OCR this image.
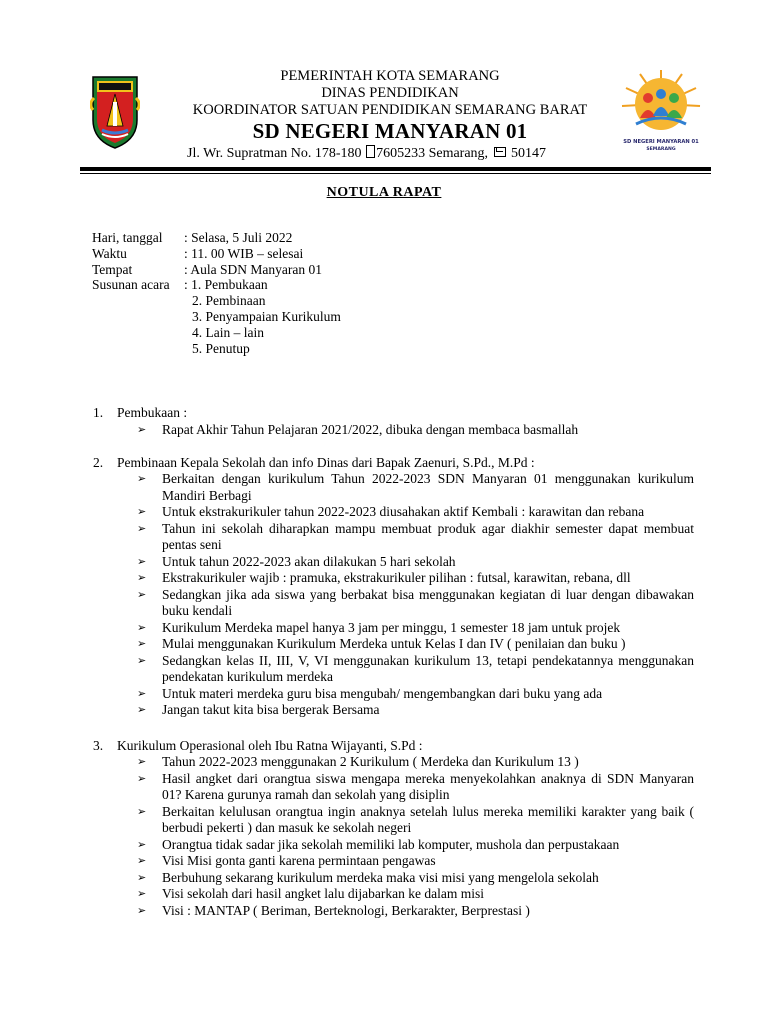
PEMERINTAH KOTA SEMARANG
DINAS PENDIDIKAN
KOORDINATOR SATUAN PENDIDIKAN SEMARANG BARAT
SD NEGERI MANYARAN 01
Jl. Wr. Supratman No. 178-180 7605233 Semarang, 50147
SD NEGERI MANYARAN 01
SEMARANG
NOTULA RAPAT
Hari, tanggal	: Selasa, 5 Juli 2022
Waktu	: 11. 00 WIB – selesai
Tempat	: Aula SDN Manyaran 01
Susunan acara	: 1. Pembukaan
2. Pembinaan
3. Penyampaian Kurikulum
4. Lain – lain
5. Penutup
1. Pembukaan :
➢ Rapat Akhir Tahun Pelajaran 2021/2022, dibuka dengan membaca basmallah
2. Pembinaan Kepala Sekolah dan info Dinas dari Bapak Zaenuri, S.Pd., M.Pd :
➢ Berkaitan dengan kurikulum Tahun 2022-2023 SDN Manyaran 01 menggunakan kurikulum Mandiri Berbagi
➢ Untuk ekstrakurikuler tahun 2022-2023 diusahakan aktif Kembali : karawitan dan rebana
➢ Tahun ini sekolah diharapkan mampu membuat produk agar diakhir semester dapat membuat pentas seni
➢ Untuk tahun 2022-2023 akan dilakukan 5 hari sekolah
➢ Ekstrakurikuler wajib : pramuka, ekstrakurikuler pilihan : futsal, karawitan, rebana, dll
➢ Sedangkan jika ada siswa yang berbakat bisa menggunakan kegiatan di luar dengan dibawakan buku kendali
➢ Kurikulum Merdeka mapel hanya 3 jam per minggu, 1 semester 18 jam untuk projek
➢ Mulai menggunakan Kurikulum Merdeka untuk Kelas I dan IV ( penilaian dan buku )
➢ Sedangkan kelas II, III, V, VI menggunakan kurikulum 13, tetapi pendekatannya menggunakan pendekatan kurikulum merdeka
➢ Untuk materi merdeka guru bisa mengubah/ mengembangkan dari buku yang ada
➢ Jangan takut kita bisa bergerak Bersama
3. Kurikulum Operasional oleh Ibu Ratna Wijayanti, S.Pd :
➢ Tahun 2022-2023 menggunakan 2 Kurikulum ( Merdeka dan Kurikulum 13 )
➢ Hasil angket dari orangtua siswa mengapa mereka menyekolahkan anaknya di SDN Manyaran 01? Karena gurunya ramah dan sekolah yang disiplin
➢ Berkaitan kelulusan orangtua ingin anaknya setelah lulus mereka memiliki karakter yang baik ( berbudi pekerti ) dan masuk ke sekolah negeri
➢ Orangtua tidak sadar jika sekolah memiliki lab komputer, mushola dan perpustakaan
➢ Visi Misi gonta ganti karena permintaan pengawas
➢ Berbuhung sekarang kurikulum merdeka maka visi misi yang mengelola sekolah
➢ Visi sekolah dari hasil angket lalu dijabarkan ke dalam misi
➢ Visi : MANTAP ( Beriman, Berteknologi, Berkarakter, Berprestasi )
